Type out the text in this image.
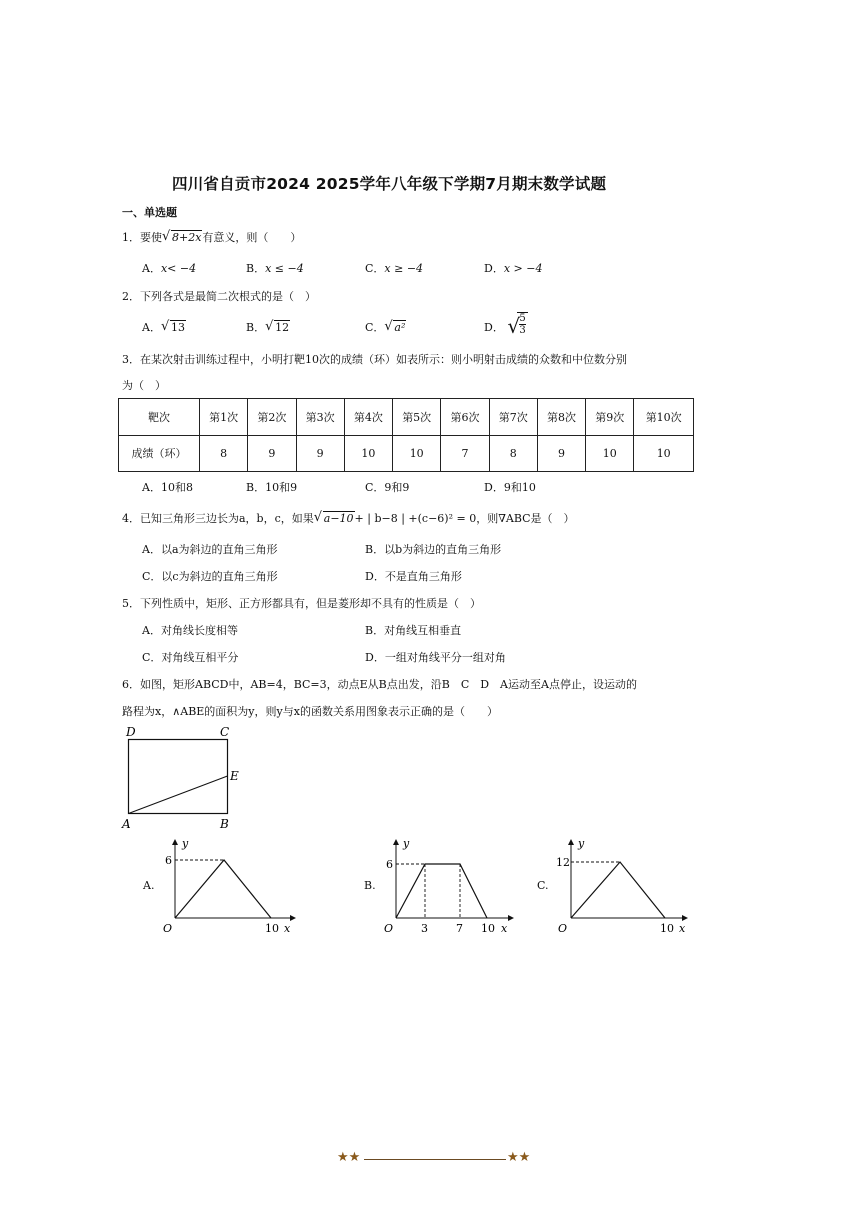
四川省自贡市2024 2025学年八年级下学期7月期末数学试题
一、单选题
1．要使 √ 8+2x有意义，则（　　）
A．x< −4	B．x ≤ −4	C．x ≥ −4	D．x > −4
2．下列各式是最简二次根式的是（　）
A． √ 13	B． √ 12	C． √ a²	D． √
$\frac{5}{3}$
3．在某次射击训练过程中，小明打靶10次的成绩（环）如表所示：则小明射击成绩的众数和中位数分别
为（　）
靶次	第1次	第2次	第3次	第4次	第5次	第6次	第7次	第8次	第9次	第10次
成绩（环）	8	9	9	10	10	7	8	9	10	10
A．10和8	B．10和9	C．9和9	D．9和10
4．已知三角形三边长为a，b，c，如果 √ a−10+ | b−8 | +(c−6)² = 0，则∇ABC是（　）
A．以a为斜边的直角三角形	B．以b为斜边的直角三角形
C．以c为斜边的直角三角形	D．不是直角三角形
5．下列性质中，矩形、正方形都具有，但是菱形却不具有的性质是（　）
A．对角线长度相等	B．对角线互相垂直
C．对角线互相平分	D．一组对角线平分一组对角
6．如图，矩形ABCD中，AB=4，BC=3，动点E从B点出发，沿B　C　D　A运动至A点停止，设运动的
路程为x，∧ABE的面积为y，则y与x的函数关系用图象表示正确的是（　　）
D	C
E
A	B
A.
y
6
O	10 x
B.
y
6
O	3	7 10 x
C.
y
12
O	10 x
★★	★★
